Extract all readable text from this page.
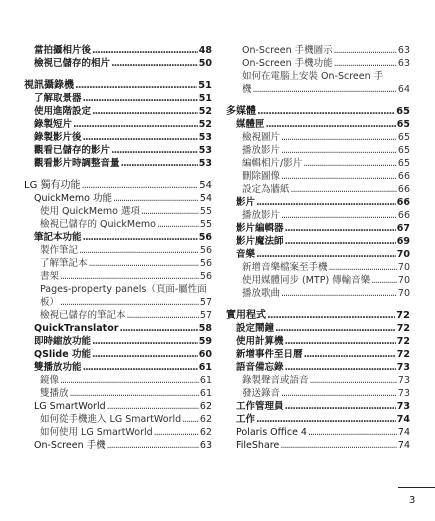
當拍攝相片後 .....	48
檢視已儲存的相片 .....	50
視訊攝錄機 .....	51
了解取景器 .....	51
使用進階設定 .....	52
錄製短片 .....	52
錄製影片後 .....	53
觀看已儲存的影片 .....	53
觀看影片時調整音量 .....	53
LG 獨有功能 .....	54
QuickMemo 功能 .....	54
使用 QuickMemo 選項 .....	55
檢視已儲存的 QuickMemo .....	55
筆記本功能 .....	56
製作筆記 .....	56
了解筆記本 .....	56
書架 .....	56
Pages-property panels（頁面-屬性面
板） .....	57
檢視已儲存的筆記本 .....	57
QuickTranslator .....	58
即時縮放功能 .....	59
QSlide 功能 .....	60
雙播放功能 .....	61
鏡像 .....	61
雙播放 .....	61
LG SmartWorld .....	62
如何從手機進入 LG SmartWorld ..... 62
如何使用 LG SmartWorld .....	62
On-Screen 手機 .....	63
On-Screen 手機圖示 .....	63
On-Screen 手機功能 .....	63
如何在電腦上安裝 On-Screen 手
機 .....	64
多媒體 .....	65
媒體匣 .....	65
檢視圖片 .....	65
播放影片 .....	65
編輯相片/影片 .....	65
刪除圖像 .....	66
設定為牆紙 .....	66
影片 .....	66
播放影片 .....	66
影片編輯器 .....	67
影片魔法師 .....	69
音樂 .....	70
新增音樂檔案至手機 .....	70
使用媒體同步 (MTP) 傳輸音樂 .....	70
播放歌曲 .....	70
實用程式 .....	72
設定鬧鐘 .....	72
使用計算機 .....	72
新增事件至日曆 .....	72
語音備忘錄 .....	73
錄製聲音或語音 .....	73
發送錄音 .....	73
工作管理員 .....	73
工作 .....	74
Polaris Office 4 .....	74
FileShare .....	74
3
